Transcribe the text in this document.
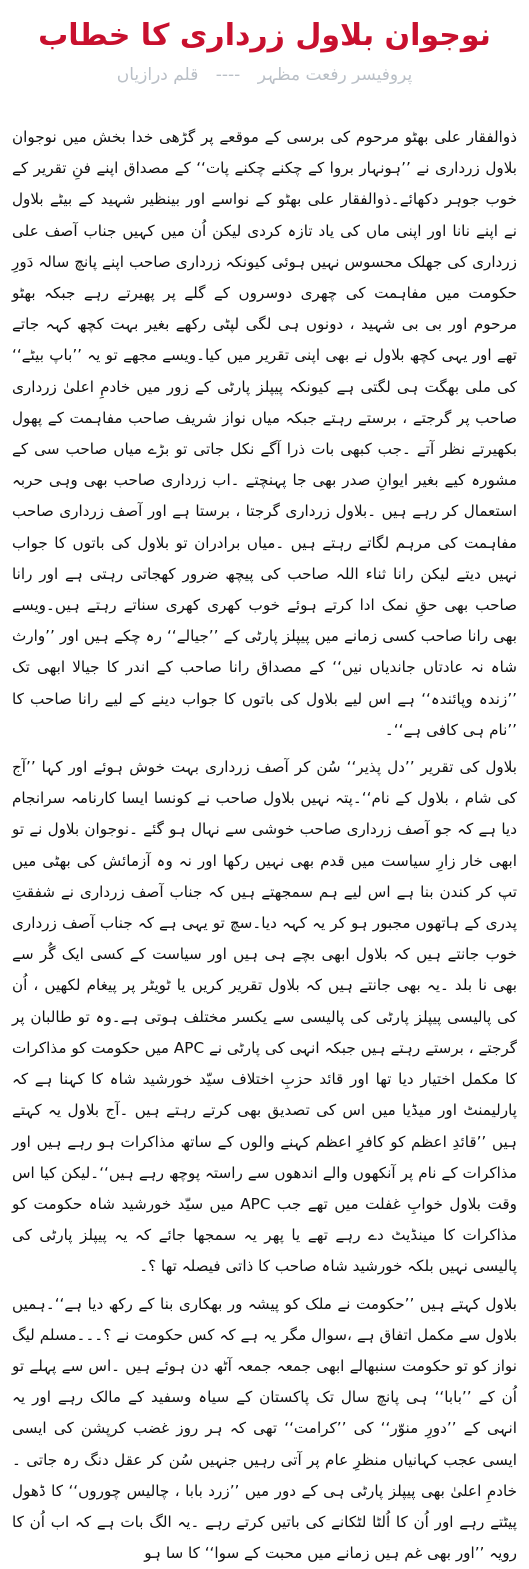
نوجوان بلاول زرداری کا خطاب
پروفیسر رفعت مظہر ---- قلم درازیاں

ذوالفقار علی بھٹو مرحوم کی برسی کے موقعے پر گڑھی خدا بخش میں نوجوان بلاول زرداری نے ’’ہونہار بروا کے چکنے چکنے پات‘‘ کے مصداق اپنے فنِ تقریر کے خوب جوہر دکھائے۔ذوالفقار علی بھٹو کے نواسے اور بینظیر شہید کے بیٹے بلاول نے اپنے نانا اور اپنی ماں کی یاد تازہ کردی لیکن اُن میں کہیں جناب آصف علی زرداری کی جھلک محسوس نہیں ہوئی کیونکہ زرداری صاحب اپنے پانچ سالہ دَورِ حکومت میں مفاہمت کی چھری دوسروں کے گلے پر پھیرتے رہے جبکہ بھٹو مرحوم اور بی بی شہید ، دونوں ہی لگی لپٹی رکھے بغیر بہت کچھ کہہ جاتے تھے اور یہی کچھ بلاول نے بھی اپنی تقریر میں کیا۔ویسے مجھے تو یہ ’’باپ بیٹے‘‘ کی ملی بھگت ہی لگتی ہے کیونکہ پیپلز پارٹی کے زور میں خادمِ اعلیٰ زرداری صاحب پر گرجتے ، برستے رہتے جبکہ میاں نواز شریف صاحب مفاہمت کے پھول بکھیرتے نظر آتے ۔جب کبھی بات ذرا آگے نکل جاتی تو بڑے میاں صاحب سی کے مشورہ کیے بغیر ایوانِ صدر بھی جا پہنچتے ۔اب زرداری صاحب بھی وہی حربہ استعمال کر رہے ہیں ۔بلاول زرداری گرجتا ، برستا ہے اور آصف زرداری صاحب مفاہمت کی مرہم لگاتے رہتے ہیں ۔میاں برادران تو بلاول کی باتوں کا جواب نہیں دیتے لیکن رانا ثناء اللہ صاحب کی پیچھ ضرور کھجاتی رہتی ہے اور رانا صاحب بھی حقِ نمک ادا کرتے ہوئے خوب کھری کھری سناتے رہتے ہیں۔ویسے بھی رانا صاحب کسی زمانے میں پیپلز پارٹی کے ’’جیالے‘‘ رہ چکے ہیں اور ’’وارث شاہ نہ عادتاں جاندیاں نیں‘‘ کے مصداق رانا صاحب کے اندر کا جیالا ابھی تک ’’زندہ وپائندہ‘‘ ہے اس لیے بلاول کی باتوں کا جواب دینے کے لیے رانا صاحب کا ’’نام ہی کافی ہے‘‘۔

بلاول کی تقریر ’’دل پذیر‘‘ سُن کر آصف زرداری بہت خوش ہوئے اور کہا ’’آج کی شام ، بلاول کے نام‘‘۔پتہ نہیں بلاول صاحب نے کونسا ایسا کارنامہ سرانجام دیا ہے کہ جو آصف زرداری صاحب خوشی سے نہال ہو گئے ۔نوجوان بلاول نے تو ابھی خار زارِ سیاست میں قدم بھی نہیں رکھا اور نہ وہ آزمائش کی بھٹی میں تپ کر کندن بنا ہے اس لیے ہم سمجھتے ہیں کہ جناب آصف زرداری نے شفقتِ پدری کے ہاتھوں مجبور ہو کر یہ کہہ دیا۔سچ تو یہی ہے کہ جناب آصف زرداری خوب جانتے ہیں کہ بلاول ابھی بچے ہی ہیں اور سیاست کے کسی ایک گُر سے بھی نا بلد ۔یہ بھی جانتے ہیں کہ بلاول تقریر کریں یا ٹویٹر پر پیغام لکھیں ، اُن کی پالیسی پیپلز پارٹی کی پالیسی سے یکسر مختلف ہوتی ہے۔وہ تو طالبان پر گرجتے ، برستے رہتے ہیں جبکہ انہی کی پارٹی نے APC میں حکومت کو مذاکرات کا مکمل اختیار دیا تھا اور قائد حزبِ اختلاف سیّد خورشید شاہ کا کہنا ہے کہ پارلیمنٹ اور میڈیا میں اس کی تصدیق بھی کرتے رہتے ہیں ۔آج بلاول یہ کہتے ہیں ’’قائدِ اعظم کو کافرِ اعظم کہنے والوں کے ساتھ مذاکرات ہو رہے ہیں اور مذاکرات کے نام پر آنکھوں والے اندھوں سے راستہ پوچھ رہے ہیں‘‘۔لیکن کیا اس وقت بلاول خوابِ غفلت میں تھے جب APC میں سیّد خورشید شاہ حکومت کو مذاکرات کا مینڈیٹ دے رہے تھے یا پھر یہ سمجھا جائے کہ یہ پیپلز پارٹی کی پالیسی نہیں بلکہ خورشید شاہ صاحب کا ذاتی فیصلہ تھا ؟۔

بلاول کہتے ہیں ’’حکومت نے ملک کو پیشہ ور بھکاری بنا کے رکھ دیا ہے‘‘۔ہمیں بلاول سے مکمل اتفاق ہے ،سوال مگر یہ ہے کہ کس حکومت نے ؟۔۔۔مسلم لیگ نواز کو تو حکومت سنبھالے ابھی جمعہ جمعہ آٹھ دن ہوئے ہیں ۔اس سے پہلے تو اُن کے ’’بابا‘‘ ہی پانچ سال تک پاکستان کے سیاہ وسفید کے مالک رہے اور یہ انہی کے ’’دورِ منوّر‘‘ کی ’’کرامت‘‘ تھی کہ ہر روز غضب کرپشن کی ایسی ایسی عجب کہانیاں منظرِ عام پر آتی رہیں جنہیں سُن کر عقل دنگ رہ جاتی ۔خادمِ اعلیٰ بھی پیپلز پارٹی ہی کے دور میں ’’زرد بابا ، چالیس چوروں‘‘ کا ڈھول پیٹتے رہے اور اُن کا اُلٹا لٹکانے کی باتیں کرتے رہے ۔یہ الگ بات ہے کہ اب اُن کا رویہ ’’اور بھی غم ہیں زمانے میں محبت کے سوا‘‘ کا سا ہو
